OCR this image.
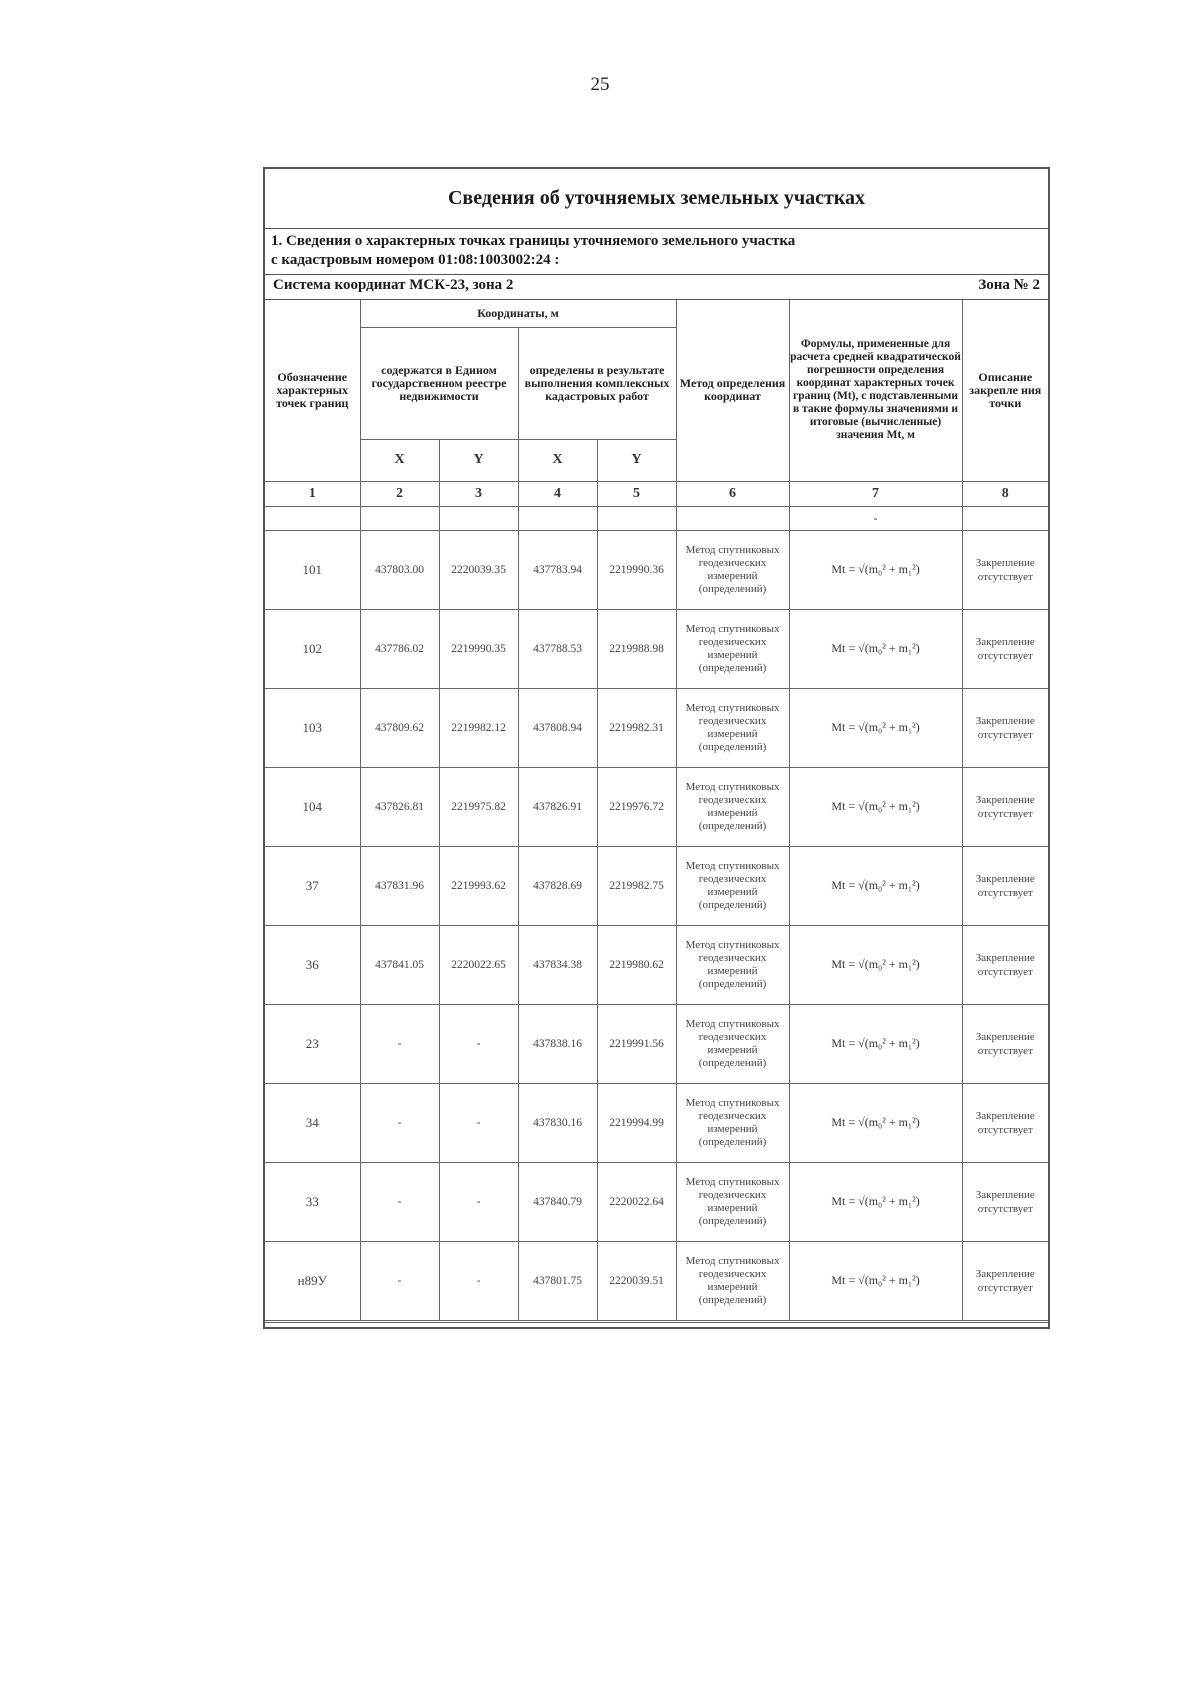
25
Сведения об уточняемых земельных участках
1. Сведения о характерных точках границы уточняемого земельного участка
с кадастровым номером 01:08:1003002:24 :
Система координат МСК-23, зона 2	Зона № 2
Обозначение характерных точек границ	Координаты, м				Метод определения координат	Формулы, примененные для расчета средней квадратической погрешности определения координат характерных точек границ (Mt), с подставленными в такие формулы значениями и итоговые (вычисленные) значения Mt, м	Описание закрепле ния точки
	содержатся в Едином государственном реестре недвижимости		определены в результате выполнения комплексных кадастровых работ				
	X	Y	X	Y			
1	2	3	4	5	6	7	8
						-	
101	437803.00	2220039.35	437783.94	2219990.36	Метод спутниковых геодезических измерений (определений)	Mt = √(m₀² + m₁²)	Закрепление отсутствует
102	437786.02	2219990.35	437788.53	2219988.98	Метод спутниковых геодезических измерений (определений)	Mt = √(m₀² + m₁²)	Закрепление отсутствует
103	437809.62	2219982.12	437808.94	2219982.31	Метод спутниковых геодезических измерений (определений)	Mt = √(m₀² + m₁²)	Закрепление отсутствует
104	437826.81	2219975.82	437826.91	2219976.72	Метод спутниковых геодезических измерений (определений)	Mt = √(m₀² + m₁²)	Закрепление отсутствует
37	437831.96	2219993.62	437828.69	2219982.75	Метод спутниковых геодезических измерений (определений)	Mt = √(m₀² + m₁²)	Закрепление отсутствует
36	437841.05	2220022.65	437834.38	2219980.62	Метод спутниковых геодезических измерений (определений)	Mt = √(m₀² + m₁²)	Закрепление отсутствует
23	-	-	437838.16	2219991.56	Метод спутниковых геодезических измерений (определений)	Mt = √(m₀² + m₁²)	Закрепление отсутствует
34	-	-	437830.16	2219994.99	Метод спутниковых геодезических измерений (определений)	Mt = √(m₀² + m₁²)	Закрепление отсутствует
33	-	-	437840.79	2220022.64	Метод спутниковых геодезических измерений (определений)	Mt = √(m₀² + m₁²)	Закрепление отсутствует
н89У	-	-	437801.75	2220039.51	Метод спутниковых геодезических измерений (определений)	Mt = √(m₀² + m₁²)	Закрепление отсутствует
